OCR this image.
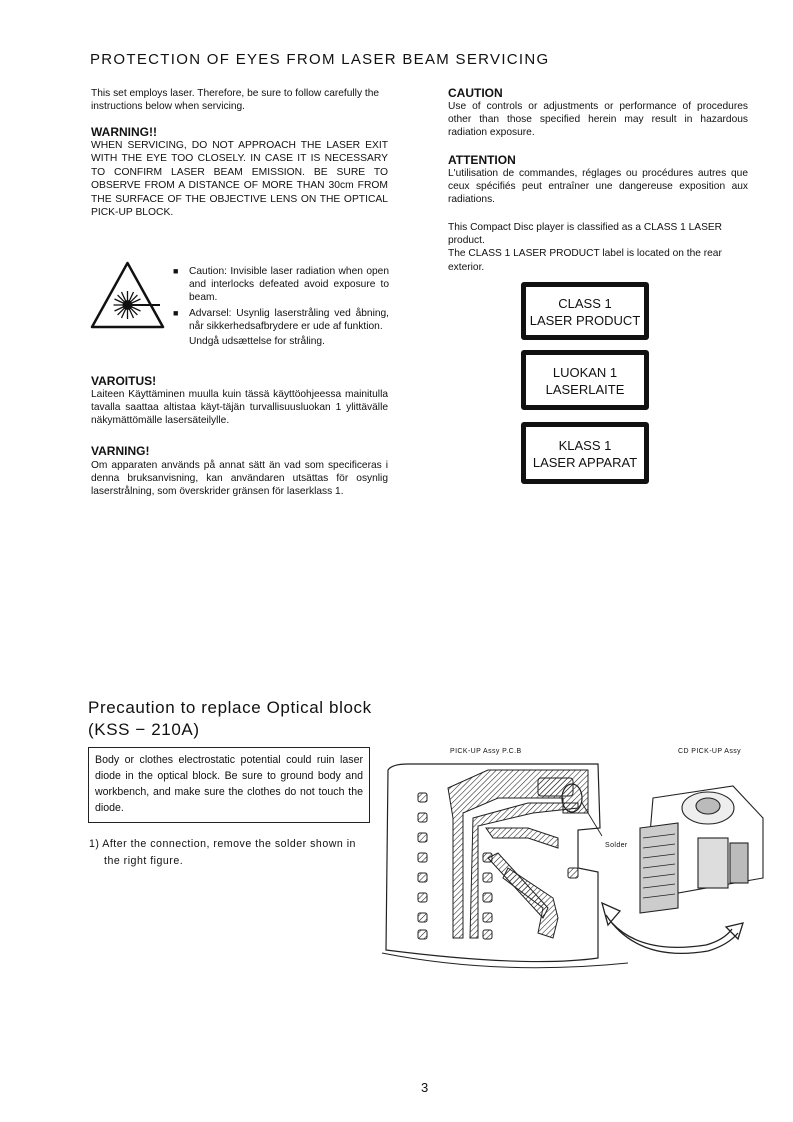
PROTECTION OF EYES FROM LASER BEAM SERVICING
This set employs laser. Therefore, be sure to follow carefully the instructions below when servicing.
WARNING!!
WHEN SERVICING, DO NOT APPROACH THE LASER EXIT WITH THE EYE TOO CLOSELY. IN CASE IT IS NECESSARY TO CONFIRM LASER BEAM EMISSION. BE SURE TO OBSERVE FROM A DISTANCE OF MORE THAN 30cm FROM THE SURFACE OF THE OBJECTIVE LENS ON THE OPTICAL PICK-UP BLOCK.
■	Caution: Invisible laser radiation when open and interlocks defeated avoid exposure to beam.
■	Advarsel: Usynlig laserstråling ved åbning, når sikkerhedsafbrydere er ude af funktion.
Undgå udsættelse for stråling.
VAROITUS!
Laiteen Käyttäminen muulla kuin tässä käyttöohjeessa mainitulla tavalla saattaa altistaa käyt-täjän turvallisuusluokan 1 ylittävälle näkymättömälle lasersäteilylle.
VARNING!
Om apparaten används på annat sätt än vad som specificeras i denna bruksanvisning, kan användaren utsättas för osynlig laserstrålning, som överskrider gränsen för laserklass 1.
CAUTION
Use of controls or adjustments or performance of procedures other than those specified herein may result in hazardous radiation exposure.
ATTENTION
L'utilisation de commandes, réglages ou procédures autres que ceux spécifiés peut entraîner une dangereuse exposition aux radiations.

This Compact Disc player is classified as a CLASS 1 LASER product.

The CLASS 1 LASER PRODUCT label is located on the rear exterior.

CLASS 1
LASER PRODUCT
LUOKAN 1
LASERLAITE
KLASS 1
LASER APPARAT
Precaution to replace Optical block
(KSS − 210A)
Body or clothes electrostatic potential could ruin laser diode in the optical block. Be sure to ground body and workbench, and make sure the clothes do not touch the diode.
1) After the connection, remove the solder shown in the right figure.
PICK-UP Assy P.C.B	CD PICK-UP Assy
Solder
3
